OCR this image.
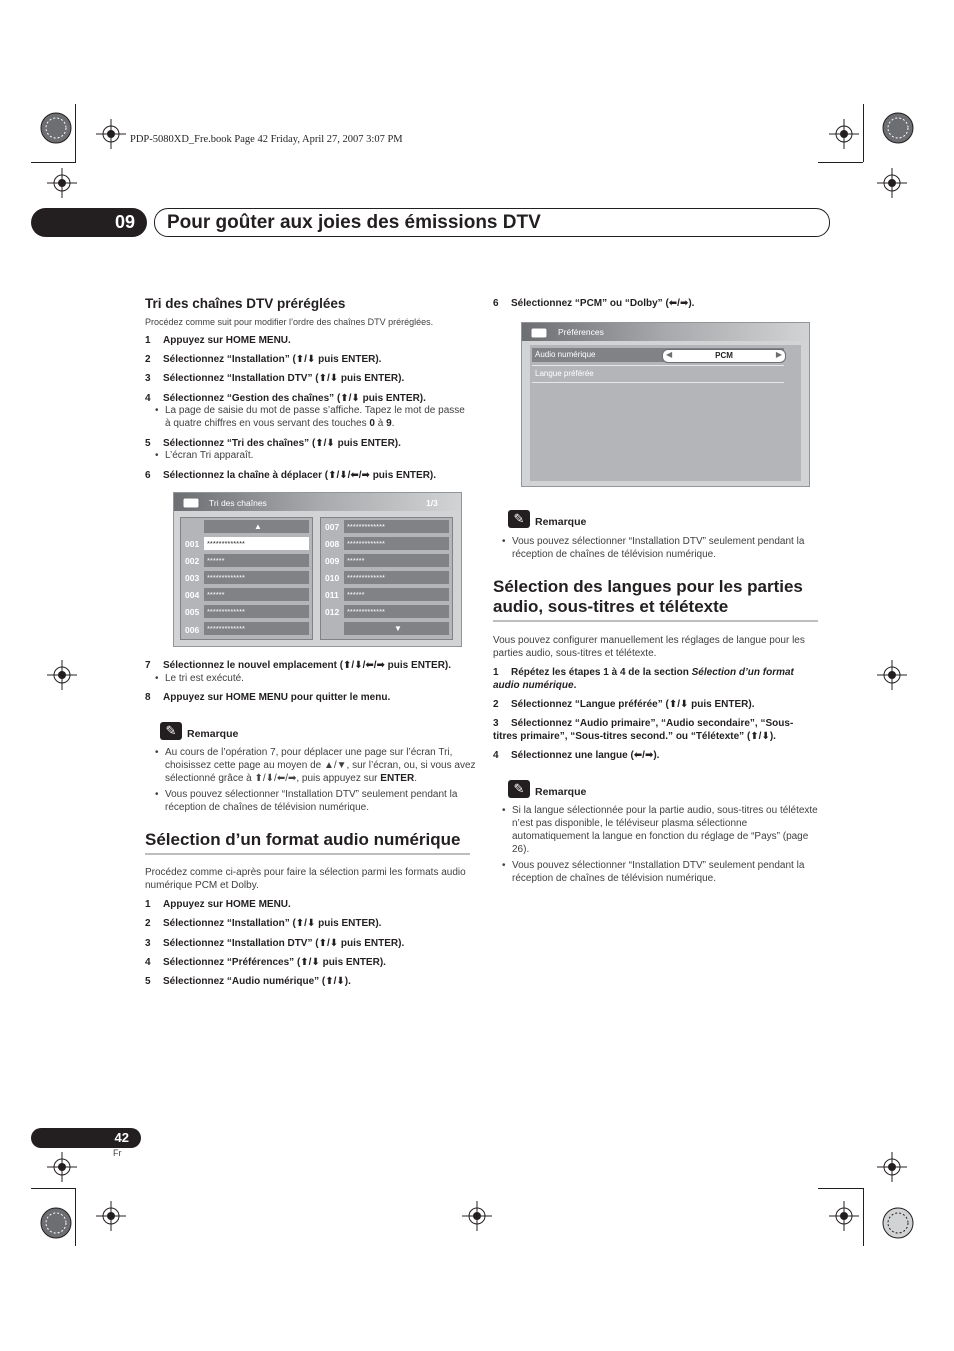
PDP-5080XD_Fre.book Page 42 Friday, April 27, 2007 3:07 PM
09	Pour goûter aux joies des émissions DTV
Tri des chaînes DTV préréglées
Procédez comme suit pour modifier l’ordre des chaînes DTV préréglées.
1 Appuyez sur HOME MENU.
2 Sélectionnez “Installation” (⬆/⬇ puis ENTER).
3 Sélectionnez “Installation DTV” (⬆/⬇ puis ENTER).
4 Sélectionnez “Gestion des chaînes” (⬆/⬇ puis ENTER).
• La page de saisie du mot de passe s’affiche. Tapez le mot de passe à quatre chiffres en vous servant des touches 0 à 9.
5 Sélectionnez “Tri des chaînes” (⬆/⬇ puis ENTER).
• L’écran Tri apparaît.
6 Sélectionnez la chaîne à déplacer (⬆/⬇/⬅/➡ puis ENTER).
Tri des chaînes	1/3
▲
001	*************
002	******
003	*************
004	******
005	*************
006	*************
007	*************
008	*************
009	******
010	*************
011	******
012	*************
▼
7 Sélectionnez le nouvel emplacement (⬆/⬇/⬅/➡ puis ENTER).
• Le tri est exécuté.
8 Appuyez sur HOME MENU pour quitter le menu.
✎	Remarque
• Au cours de l’opération 7, pour déplacer une page sur l’écran Tri, choisissez cette page au moyen de ▲/▼, sur l’écran, ou, si vous avez sélectionné grâce à ⬆/⬇/⬅/➡, puis appuyez sur ENTER.
• Vous pouvez sélectionner “Installation DTV” seulement pendant la réception de chaînes de télévision numérique.
Sélection d’un format audio numérique
Procédez comme ci-après pour faire la sélection parmi les formats audio numérique PCM et Dolby.
1 Appuyez sur HOME MENU.
2 Sélectionnez “Installation” (⬆/⬇ puis ENTER).
3 Sélectionnez “Installation DTV” (⬆/⬇ puis ENTER).
4 Sélectionnez “Préférences” (⬆/⬇ puis ENTER).
5 Sélectionnez “Audio numérique” (⬆/⬇).
6 Sélectionnez “PCM” ou “Dolby” (⬅/➡).
Préférences
Audio numérique	◀	PCM	▶
Langue préférée
✎	Remarque
• Vous pouvez sélectionner “Installation DTV” seulement pendant la réception de chaînes de télévision numérique.
Sélection des langues pour les parties
audio, sous-titres et télétexte
Vous pouvez configurer manuellement les réglages de langue pour les parties audio, sous-titres et télétexte.
1 Répétez les étapes 1 à 4 de la section Sélection d’un format
audio numérique.
2 Sélectionnez “Langue préférée” (⬆/⬇ puis ENTER).
3 Sélectionnez “Audio primaire”, “Audio secondaire”, “Sous-
titres primaire”, “Sous-titres second.” ou “Télétexte” (⬆/⬇).
4 Sélectionnez une langue (⬅/➡).
✎	Remarque
• Si la langue sélectionnée pour la partie audio, sous-titres ou télétexte n’est pas disponible, le téléviseur plasma sélectionne automatiquement la langue en fonction du réglage de “Pays” (page 26).
• Vous pouvez sélectionner “Installation DTV” seulement pendant la réception de chaînes de télévision numérique.
42
Fr
